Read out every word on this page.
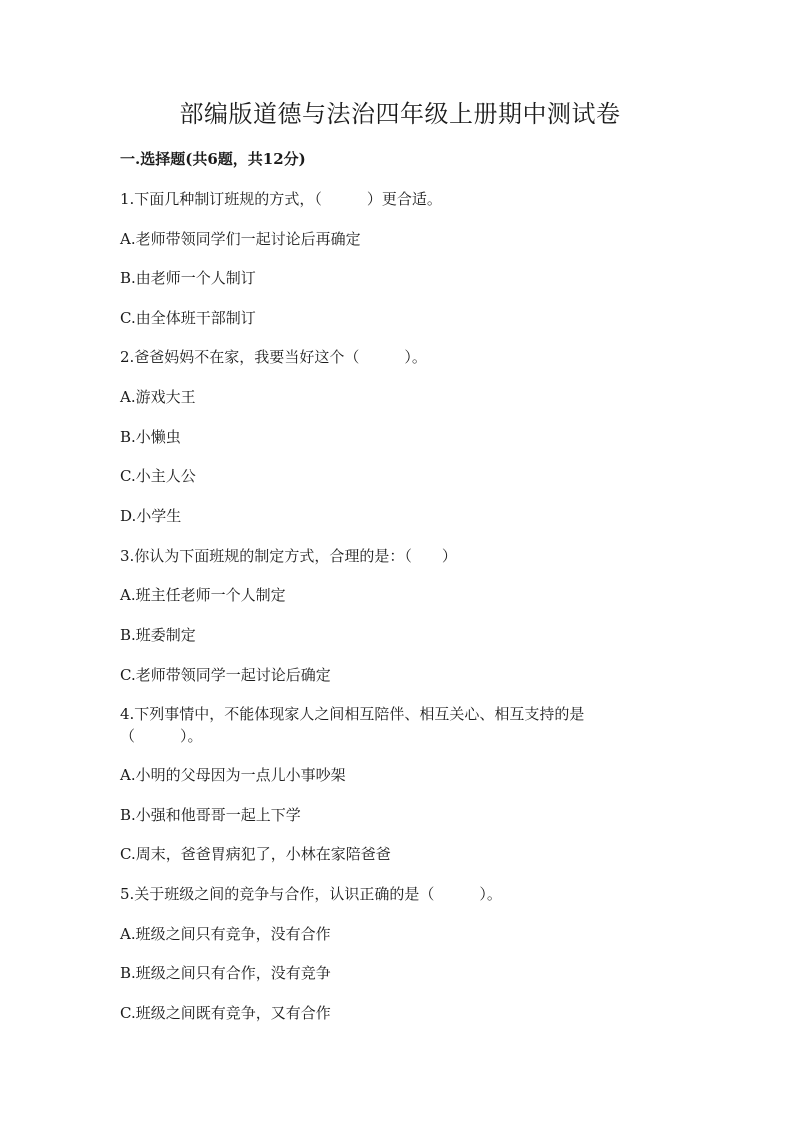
部编版道德与法治四年级上册期中测试卷
一.选择题(共6题，共12分)

1.下面几种制订班规的方式，（　　　）更合适。

A.老师带领同学们一起讨论后再确定

B.由老师一个人制订

C.由全体班干部制订

2.爸爸妈妈不在家，我要当好这个（　　　）。

A.游戏大王

B.小懒虫

C.小主人公

D.小学生

3.你认为下面班规的制定方式，合理的是：（　　）

A.班主任老师一个人制定

B.班委制定

C.老师带领同学一起讨论后确定

4.下列事情中，不能体现家人之间相互陪伴、相互关心、相互支持的是

（　　　）。

A.小明的父母因为一点儿小事吵架

B.小强和他哥哥一起上下学

C.周末，爸爸胃病犯了，小林在家陪爸爸

5.关于班级之间的竞争与合作，认识正确的是（　　　）。

A.班级之间只有竞争，没有合作

B.班级之间只有合作，没有竞争

C.班级之间既有竞争，又有合作
